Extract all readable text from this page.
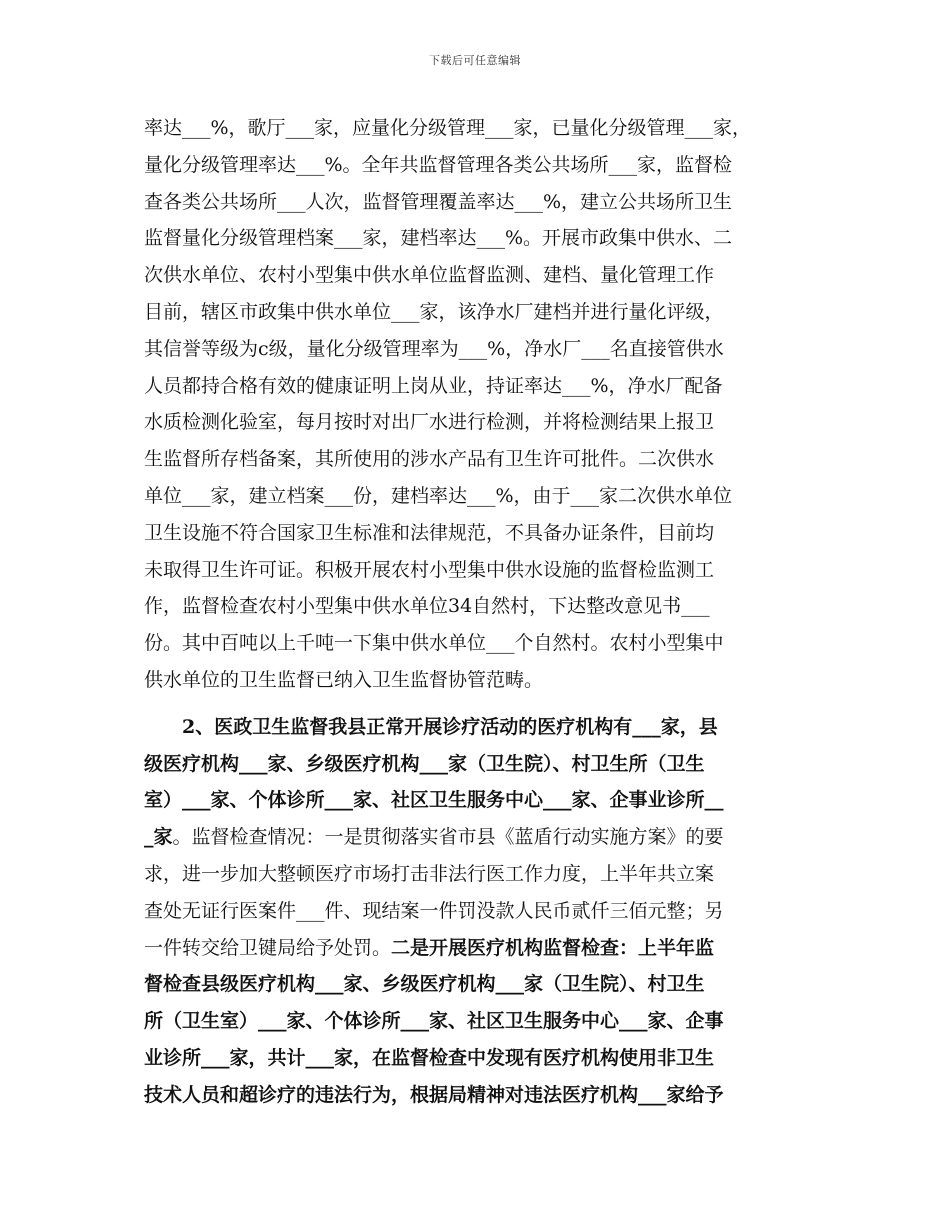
下载后可任意编辑
率达___%，歌厅___家，应量化分级管理___家，已量化分级管理___家，
量化分级管理率达___%。全年共监督管理各类公共场所___家，监督检
查各类公共场所___人次，监督管理覆盖率达___%，建立公共场所卫生
监督量化分级管理档案___家，建档率达___%。开展市政集中供水、二
次供水单位、农村小型集中供水单位监督监测、建档、量化管理工作
目前，辖区市政集中供水单位___家，该净水厂建档并进行量化评级，
其信誉等级为c级，量化分级管理率为___%，净水厂___名直接管供水
人员都持合格有效的健康证明上岗从业，持证率达___%，净水厂配备
水质检测化验室，每月按时对出厂水进行检测，并将检测结果上报卫
生监督所存档备案，其所使用的涉水产品有卫生许可批件。二次供水
单位___家，建立档案___份，建档率达___%，由于___家二次供水单位
卫生设施不符合国家卫生标准和法律规范，不具备办证条件，目前均
未取得卫生许可证。积极开展农村小型集中供水设施的监督检监测工
作，监督检查农村小型集中供水单位34自然村，下达整改意见书___
份。其中百吨以上千吨一下集中供水单位___个自然村。农村小型集中
供水单位的卫生监督已纳入卫生监督协管范畴。
2、医政卫生监督我县正常开展诊疗活动的医疗机构有___家，县
级医疗机构___家、乡级医疗机构___家（卫生院）、村卫生所（卫生
室）___家、个体诊所___家、社区卫生服务中心___家、企事业诊所__
_家。监督检查情况：一是贯彻落实省市县《蓝盾行动实施方案》的要
求，进一步加大整顿医疗市场打击非法行医工作力度，上半年共立案
查处无证行医案件___件、现结案一件罚没款人民币贰仟三佰元整；另
一件转交给卫键局给予处罚。二是开展医疗机构监督检查：上半年监
督检查县级医疗机构___家、乡级医疗机构___家（卫生院）、村卫生
所（卫生室）___家、个体诊所___家、社区卫生服务中心___家、企事
业诊所___家，共计___家，在监督检查中发现有医疗机构使用非卫生
技术人员和超诊疗的违法行为，根据局精神对违法医疗机构___家给予
